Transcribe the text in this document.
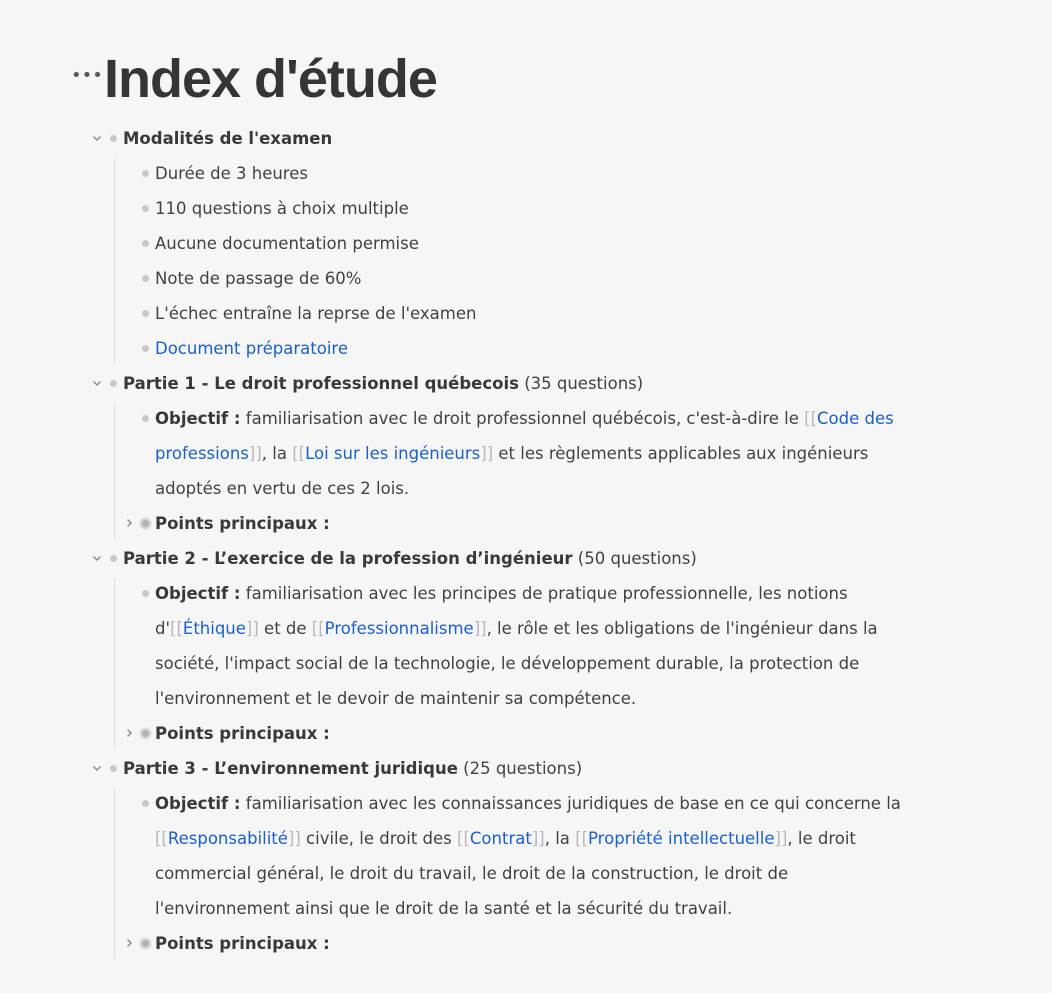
••• Index d'étude
Modalités de l'examen
Durée de 3 heures
110 questions à choix multiple
Aucune documentation permise
Note de passage de 60%
L'échec entraîne la reprse de l'examen
Document préparatoire
Partie 1 - Le droit professionnel québecois (35 questions)
Objectif : familiarisation avec le droit professionnel québécois, c'est-à-dire le [[Code des professions]], la [[Loi sur les ingénieurs]] et les règlements applicables aux ingénieurs adoptés en vertu de ces 2 lois.
Points principaux :
Partie 2 - L’exercice de la profession d’ingénieur (50 questions)
Objectif : familiarisation avec les principes de pratique professionnelle, les notions d'[[Éthique]] et de [[Professionnalisme]], le rôle et les obligations de l'ingénieur dans la société, l'impact social de la technologie, le développement durable, la protection de l'environnement et le devoir de maintenir sa compétence.
Points principaux :
Partie 3 - L’environnement juridique (25 questions)
Objectif : familiarisation avec les connaissances juridiques de base en ce qui concerne la [[Responsabilité]] civile, le droit des [[Contrat]], la [[Propriété intellectuelle]], le droit commercial général, le droit du travail, le droit de la construction, le droit de l'environnement ainsi que le droit de la santé et la sécurité du travail.
Points principaux :
